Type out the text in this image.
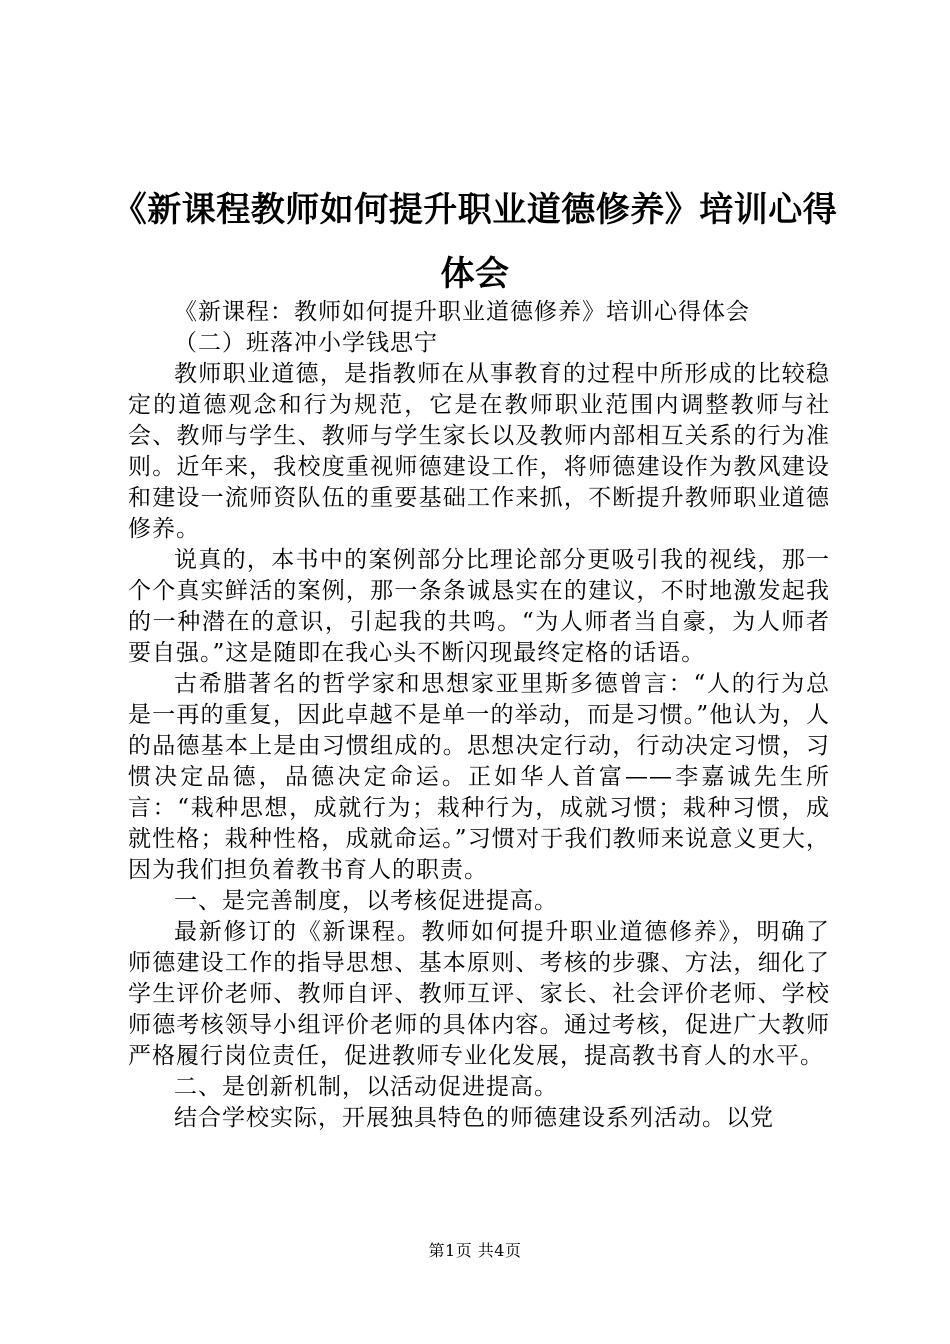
《新课程教师如何提升职业道德修养》培训心得体会

《新课程：教师如何提升职业道德修养》培训心得体会

（二）班落冲小学钱思宁

教师职业道德，是指教师在从事教育的过程中所形成的比较稳定的道德观念和行为规范，它是在教师职业范围内调整教师与社会、教师与学生、教师与学生家长以及教师内部相互关系的行为准则。近年来，我校度重视师德建设工作，将师德建设作为教风建设和建设一流师资队伍的重要基础工作来抓，不断提升教师职业道德修养。

说真的，本书中的案例部分比理论部分更吸引我的视线，那一个个真实鲜活的案例，那一条条诚恳实在的建议，不时地激发起我的一种潜在的意识，引起我的共鸣。“为人师者当自豪，为人师者要自强。”这是随即在我心头不断闪现最终定格的话语。

古希腊著名的哲学家和思想家亚里斯多德曾言：“人的行为总是一再的重复，因此卓越不是单一的举动，而是习惯。”他认为，人的品德基本上是由习惯组成的。思想决定行动，行动决定习惯，习惯决定品德，品德决定命运。正如华人首富——李嘉诚先生所言：“栽种思想，成就行为；栽种行为，成就习惯；栽种习惯，成就性格；栽种性格，成就命运。”习惯对于我们教师来说意义更大，因为我们担负着教书育人的职责。

一、是完善制度，以考核促进提高。

最新修订的《新课程。教师如何提升职业道德修养》，明确了师德建设工作的指导思想、基本原则、考核的步骤、方法，细化了学生评价老师、教师自评、教师互评、家长、社会评价老师、学校师德考核领导小组评价老师的具体内容。通过考核，促进广大教师严格履行岗位责任，促进教师专业化发展，提高教书育人的水平。

二、是创新机制，以活动促进提高。

结合学校实际，开展独具特色的师德建设系列活动。以党

第1页 共4页
